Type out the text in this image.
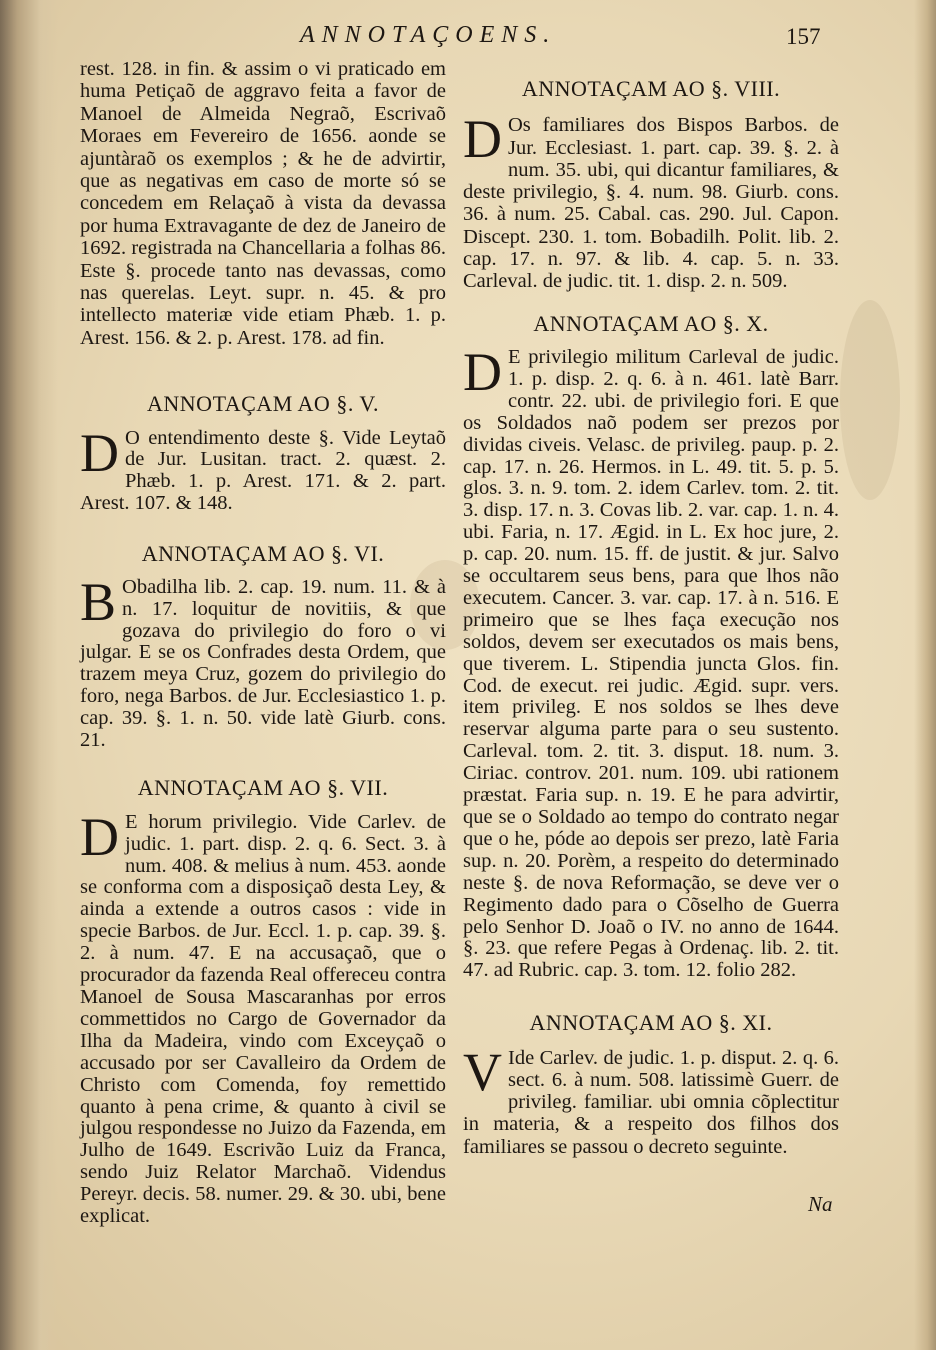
ANNOTAÇOENS.	157

rest. 128. in fin. & assim o vi praticado em huma Petiçaõ de aggravo feita a favor de Manoel de Almeida Negraõ, Escrivaõ Moraes em Fevereiro de 1656. aonde se ajuntàraõ os exemplos ; & he de advirtir, que as negativas em caso de morte só se concedem em Relaçaõ à vista da devassa por huma Extravagante de dez de Janeiro de 1692. registrada na Chancellaria a folhas 86. Este §. procede tanto nas devassas, como nas querelas. Leyt. supr. n. 45. & pro intellecto materiæ vide etiam Phæb. 1. p. Arest. 156. & 2. p. Arest. 178. ad fin.

ANNOTAÇAM AO §. V.

D O entendimento deste §. Vide Leytaõ de Jur. Lusitan. tract. 2. quæst. 2. Phæb. 1. p. Arest. 171. & 2. part. Arest. 107. & 148.

ANNOTAÇAM AO §. VI.

B Obadilha lib. 2. cap. 19. num. 11. & à n. 17. loquitur de novitiis, & que gozava do privilegio do foro o vi julgar. E se os Confrades desta Ordem, que trazem meya Cruz, gozem do privilegio do foro, nega Barbos. de Jur. Ecclesiastico 1. p. cap. 39. §. 1. n. 50. vide latè Giurb. cons. 21.

ANNOTAÇAM AO §. VII.

D E horum privilegio. Vide Carlev. de judic. 1. part. disp. 2. q. 6. Sect. 3. à num. 408. & melius à num. 453. aonde se conforma com a disposiçaõ desta Ley, & ainda a extende a outros casos : vide in specie Barbos. de Jur. Eccl. 1. p. cap. 39. §. 2. à num. 47. E na accusaçaõ, que o procurador da fazenda Real offereceu contra Manoel de Sousa Mascaranhas por erros commettidos no Cargo de Governador da Ilha da Madeira, vindo com Exceyçaõ o accusado por ser Cavalleiro da Ordem de Christo com Comenda, foy remettido quanto à pena crime, & quanto à civil se julgou respondesse no Juizo da Fazenda, em Julho de 1649. Escrivão Luiz da Franca, sendo Juiz Relator Marchaõ. Videndus Pereyr. decis. 58. numer. 29. & 30. ubi, bene explicat.

ANNOTAÇAM AO §. VIII.

D Os familiares dos Bispos Barbos. de Jur. Ecclesiast. 1. part. cap. 39. §. 2. à num. 35. ubi, qui dicantur familiares, & deste privilegio, §. 4. num. 98. Giurb. cons. 36. à num. 25. Cabal. cas. 290. Jul. Capon. Discept. 230. 1. tom. Bobadilh. Polit. lib. 2. cap. 17. n. 97. & lib. 4. cap. 5. n. 33. Carleval. de judic. tit. 1. disp. 2. n. 509.

ANNOTAÇAM AO §. X.

D E privilegio militum Carleval de judic. 1. p. disp. 2. q. 6. à n. 461. latè Barr. contr. 22. ubi. de privilegio fori. E que os Soldados naõ podem ser prezos por dividas civeis. Velasc. de privileg. paup. p. 2. cap. 17. n. 26. Hermos. in L. 49. tit. 5. p. 5. glos. 3. n. 9. tom. 2. idem Carlev. tom. 2. tit. 3. disp. 17. n. 3. Covas lib. 2. var. cap. 1. n. 4. ubi. Faria, n. 17. Ægid. in L. Ex hoc jure, 2. p. cap. 20. num. 15. ff. de justit. & jur. Salvo se occultarem seus bens, para que lhos não executem. Cancer. 3. var. cap. 17. à n. 516. E primeiro que se lhes faça execução nos soldos, devem ser executados os mais bens, que tiverem. L. Stipendia juncta Glos. fin. Cod. de execut. rei judic. Ægid. supr. vers. item privileg. E nos soldos se lhes deve reservar alguma parte para o seu sustento. Carleval. tom. 2. tit. 3. disput. 18. num. 3. Ciriac. controv. 201. num. 109. ubi rationem præstat. Faria sup. n. 19. E he para advirtir, que se o Soldado ao tempo do contrato negar que o he, póde ao depois ser prezo, latè Faria sup. n. 20. Porèm, a respeito do determinado neste §. de nova Reformação, se deve ver o Regimento dado para o Cõselho de Guerra pelo Senhor D. Joaõ o IV. no anno de 1644. §. 23. que refere Pegas à Ordenaç. lib. 2. tit. 47. ad Rubric. cap. 3. tom. 12. folio 282.

ANNOTAÇAM AO §. XI.

V Ide Carlev. de judic. 1. p. disput. 2. q. 6. sect. 6. à num. 508. latissimè Guerr. de privileg. familiar. ubi omnia cõplectitur in materia, & a respeito dos filhos dos familiares se passou o decreto seguinte.

Na
